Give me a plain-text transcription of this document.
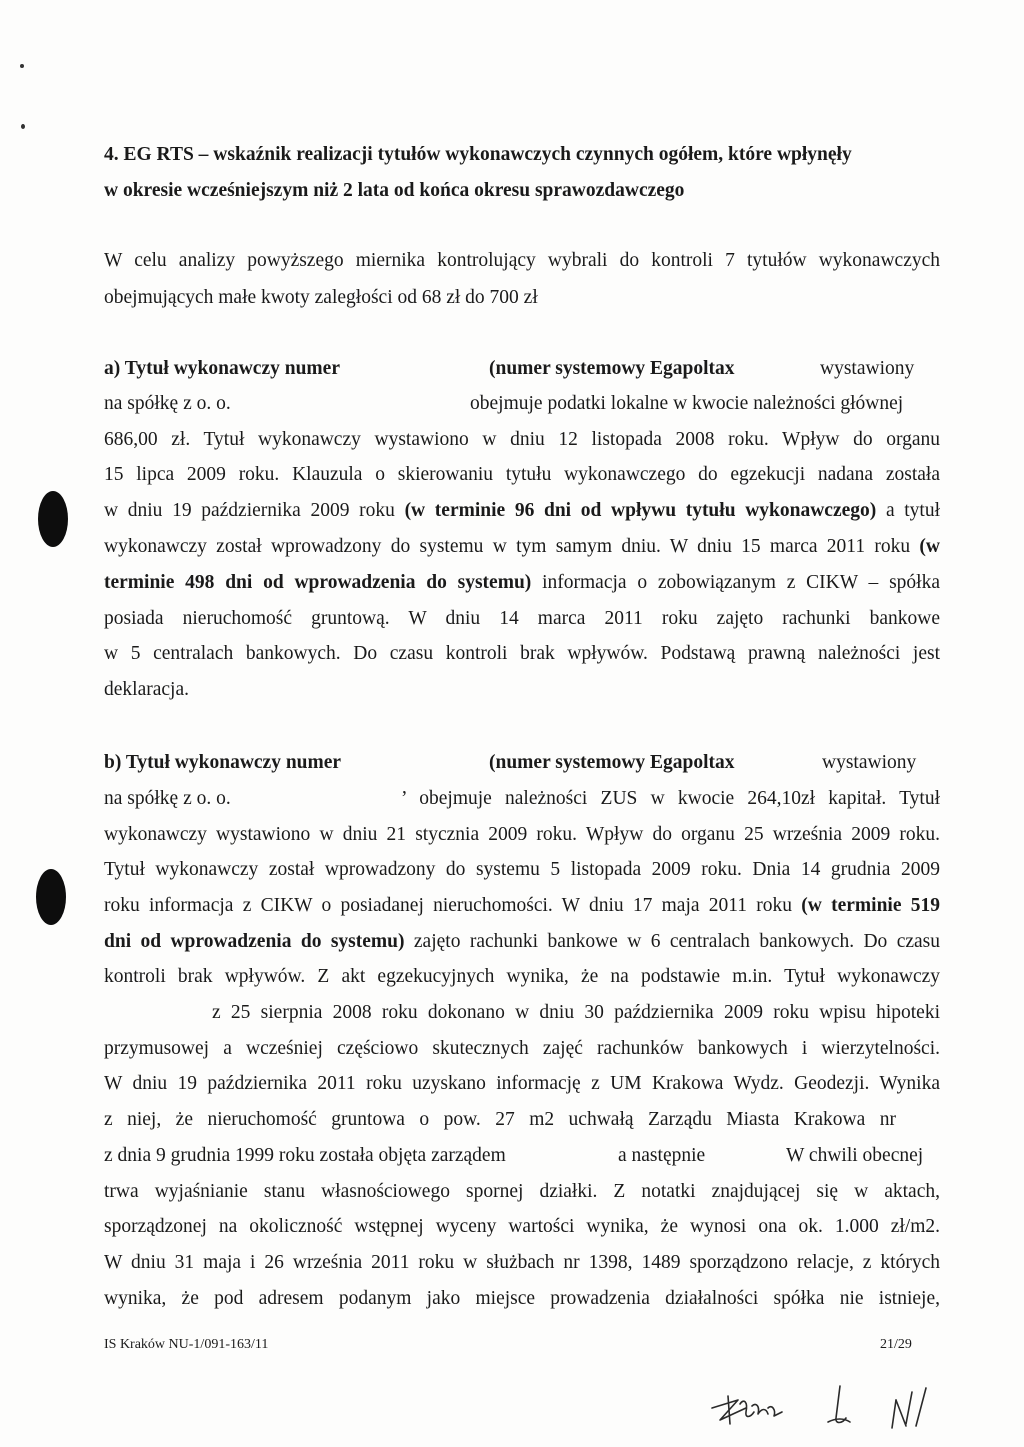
4. EG RTS – wskaźnik realizacji tytułów wykonawczych czynnych ogółem, które wpłynęły
w okresie wcześniejszym niż 2 lata od końca okresu sprawozdawczego
W celu analizy powyższego miernika kontrolujący wybrali do kontroli 7 tytułów wykonawczych
obejmujących małe kwoty zaległości od 68 zł do 700 zł
a) Tytuł wykonawczy numer	(numer systemowy Egapoltax	wystawiony
na spółkę z o. o.	obejmuje podatki lokalne w kwocie należności głównej
686,00 zł. Tytuł wykonawczy wystawiono w dniu 12 listopada 2008 roku. Wpływ do organu
15 lipca 2009 roku. Klauzula o skierowaniu tytułu wykonawczego do egzekucji nadana została
w dniu 19 października 2009 roku (w terminie 96 dni od wpływu tytułu wykonawczego) a tytuł
wykonawczy został wprowadzony do systemu w tym samym dniu. W dniu 15 marca 2011 roku (w
terminie 498 dni od wprowadzenia do systemu) informacja o zobowiązanym z CIKW – spółka
posiada nieruchomość gruntową. W dniu 14 marca 2011 roku zajęto rachunki bankowe
w 5 centralach bankowych. Do czasu kontroli brak wpływów. Podstawą prawną należności jest
deklaracja.
b) Tytuł wykonawczy numer	(numer systemowy Egapoltax	wystawiony
na spółkę z o. o.	’ obejmuje należności ZUS w kwocie 264,10zł kapitał. Tytuł
wykonawczy wystawiono w dniu 21 stycznia 2009 roku. Wpływ do organu 25 września 2009 roku.
Tytuł wykonawczy został wprowadzony do systemu 5 listopada 2009 roku. Dnia 14 grudnia 2009
roku informacja z CIKW o posiadanej nieruchomości. W dniu 17 maja 2011 roku (w terminie 519
dni od wprowadzenia do systemu) zajęto rachunki bankowe w 6 centralach bankowych. Do czasu
kontroli brak wpływów. Z akt egzekucyjnych wynika, że na podstawie m.in. Tytuł wykonawczy
z 25 sierpnia 2008 roku dokonano w dniu 30 października 2009 roku wpisu hipoteki
przymusowej a wcześniej częściowo skutecznych zajęć rachunków bankowych i wierzytelności.
W dniu 19 października 2011 roku uzyskano informację z UM Krakowa Wydz. Geodezji. Wynika
z niej, że nieruchomość gruntowa o pow. 27 m2 uchwałą Zarządu Miasta Krakowa nr
z dnia 9 grudnia 1999 roku została objęta zarządem	a następnie	W chwili obecnej
trwa wyjaśnianie stanu własnościowego spornej działki. Z notatki znajdującej się w aktach,
sporządzonej na okoliczność wstępnej wyceny wartości wynika, że wynosi ona ok. 1.000 zł/m2.
W dniu 31 maja i 26 września 2011 roku w służbach nr 1398, 1489 sporządzono relacje, z których
wynika, że pod adresem podanym jako miejsce prowadzenia działalności spółka nie istnieje,
IS Kraków NU-1/091-163/11	21/29
